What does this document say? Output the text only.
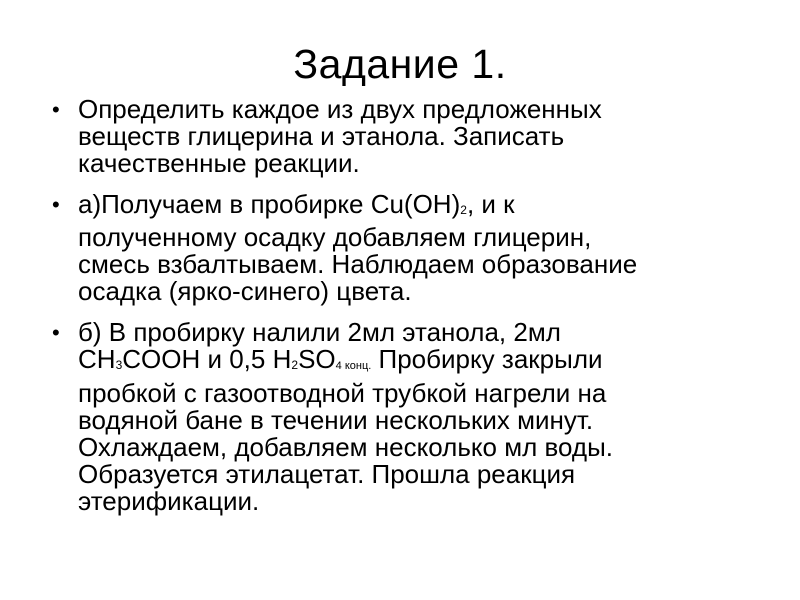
Задание 1.
• Определить каждое из двух предложенных
веществ глицерина и этанола. Записать
качественные реакции.
• а)Получаем в пробирке Cu(OH)2, и к
полученному осадку добавляем глицерин,
смесь взбалтываем. Наблюдаем образование
осадка (ярко-синего) цвета.
• б) В пробирку налили 2мл этанола, 2мл
CH3COOH и 0,5 H2SO4 конц. Пробирку закрыли
пробкой с газоотводной трубкой нагрели на
водяной бане в течении нескольких минут.
Охлаждаем, добавляем несколько мл воды.
Образуется этилацетат. Прошла реакция
этерификации.
